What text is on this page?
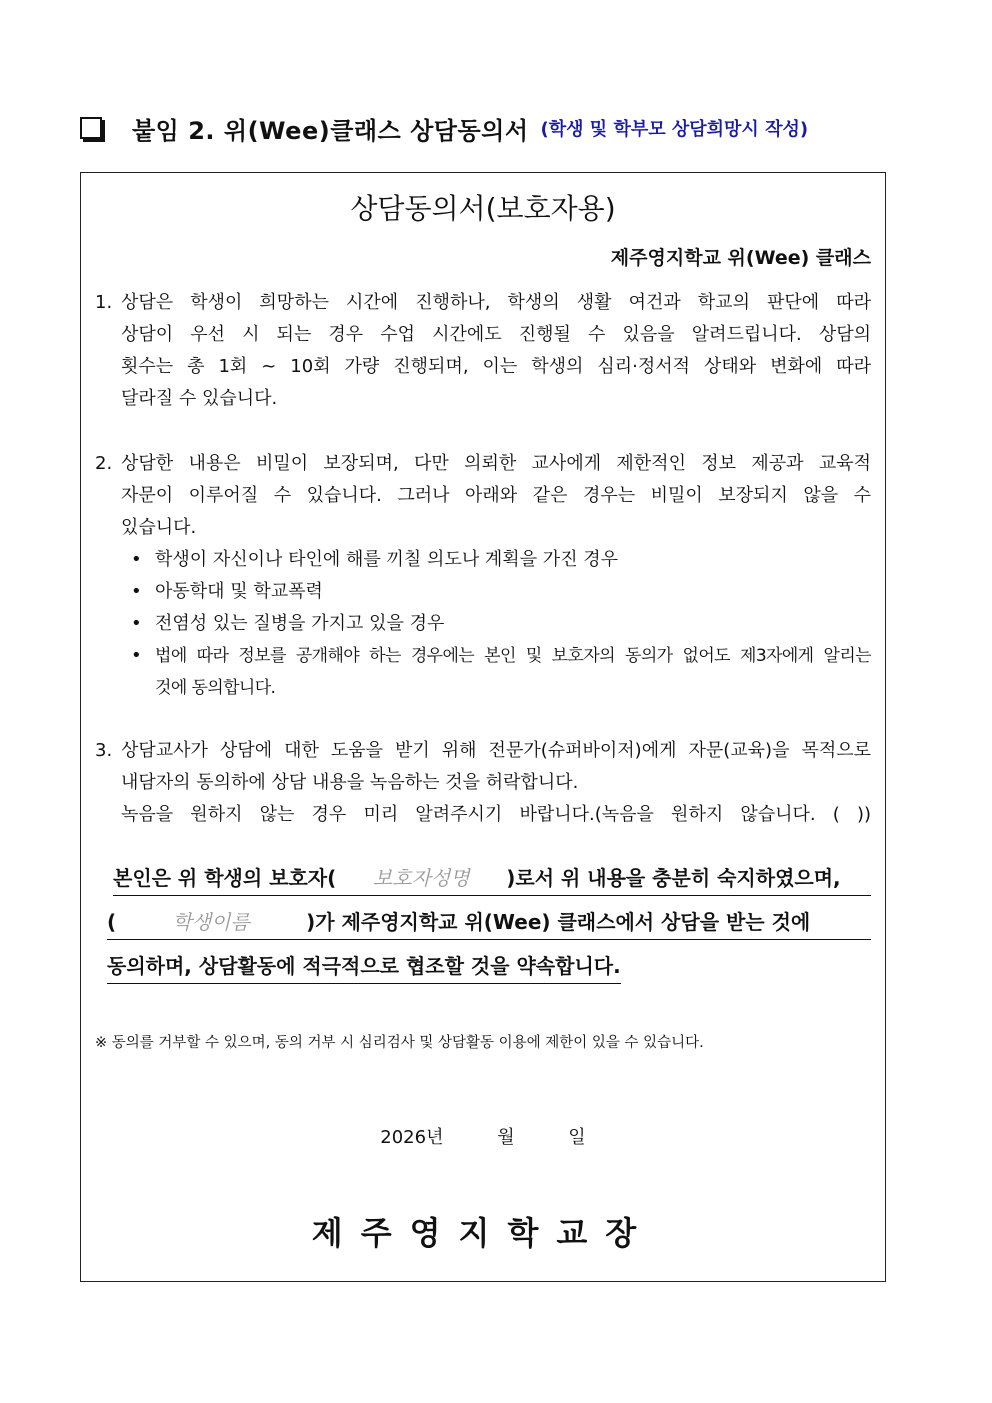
붙임 2. 위(Wee)클래스 상담동의서 (학생 및 학부모 상담희망시 작성)
상담동의서(보호자용)
제주영지학교 위(Wee) 클래스
1. 상담은 학생이 희망하는 시간에 진행하나, 학생의 생활 여건과 학교의 판단에 따라

상담이 우선 시 되는 경우 수업 시간에도 진행될 수 있음을 알려드립니다. 상담의

횟수는 총 1회 ~ 10회 가량 진행되며, 이는 학생의 심리·정서적 상태와 변화에 따라

달라질 수 있습니다.

2. 상담한 내용은 비밀이 보장되며, 다만 의뢰한 교사에게 제한적인 정보 제공과 교육적

자문이 이루어질 수 있습니다. 그러나 아래와 같은 경우는 비밀이 보장되지 않을 수

있습니다.

• 학생이 자신이나 타인에 해를 끼칠 의도나 계획을 가진 경우
• 아동학대 및 학교폭력
• 전염성 있는 질병을 가지고 있을 경우
• 법에 따라 정보를 공개해야 하는 경우에는 본인 및 보호자의 동의가 없어도 제3자에게 알리는
것에 동의합니다.
3. 상담교사가 상담에 대한 도움을 받기 위해 전문가(슈퍼바이저)에게 자문(교육)을 목적으로

내담자의 동의하에 상담 내용을 녹음하는 것을 허락합니다.

녹음을 원하지 않는 경우 미리 알려주시기 바랍니다.(녹음을 원하지 않습니다. ( ))

본인은 위 학생의 보호자( 보호자성명 )로서 위 내용을 충분히 숙지하였으며,
(	학생이름	)가 제주영지학교 위(Wee) 클래스에서 상담을 받는 것에
동의하며, 상담활동에 적극적으로 협조할 것을 약속합니다.
※ 동의를 거부할 수 있으며, 동의 거부 시 심리검사 및 상담활동 이용에 제한이 있을 수 있습니다.
2026년 월 일
제주영지학교장
